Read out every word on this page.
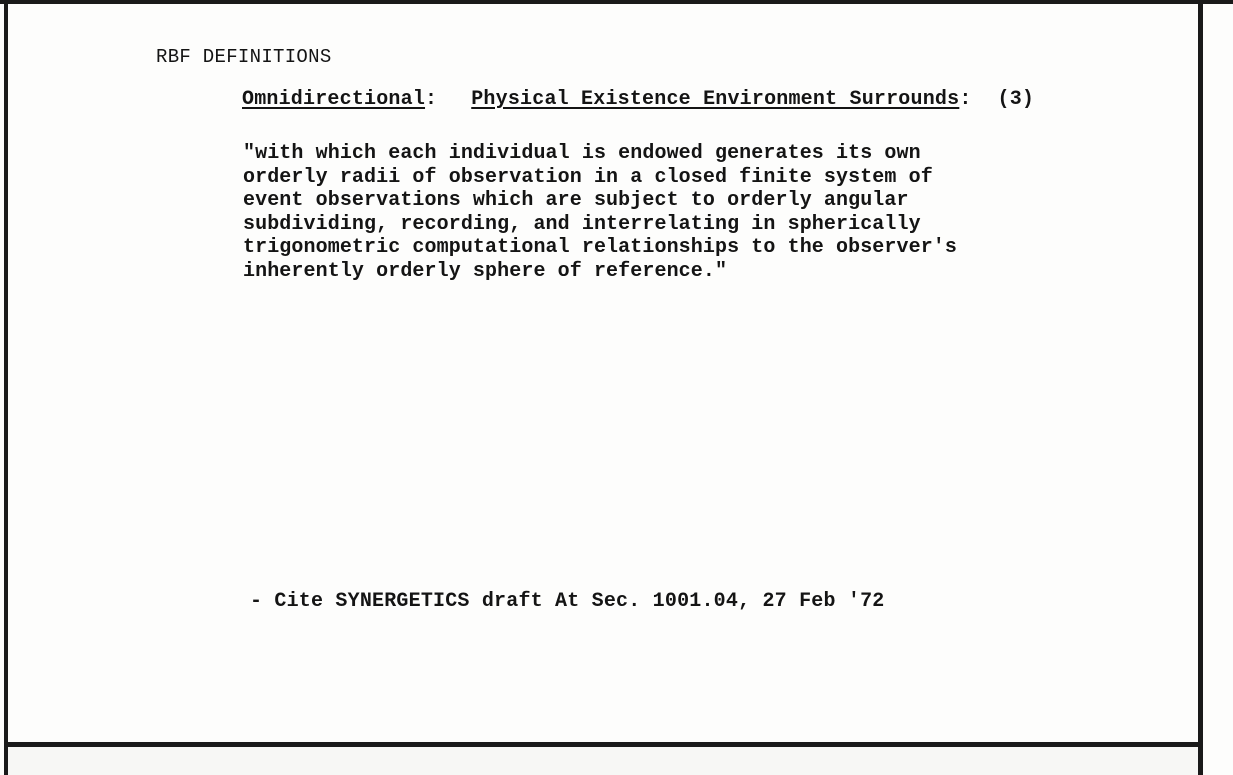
RBF DEFINITIONS

Omnidirectional: Physical Existence Environment Surrounds: (3)

"with which each individual is endowed generates its own
orderly radii of observation in a closed finite system of
event observations which are subject to orderly angular
subdividing, recording, and interrelating in spherically
trigonometric computational relationships to the observer's
inherently orderly sphere of reference."

- Cite SYNERGETICS draft At Sec. 1001.04, 27 Feb '72
